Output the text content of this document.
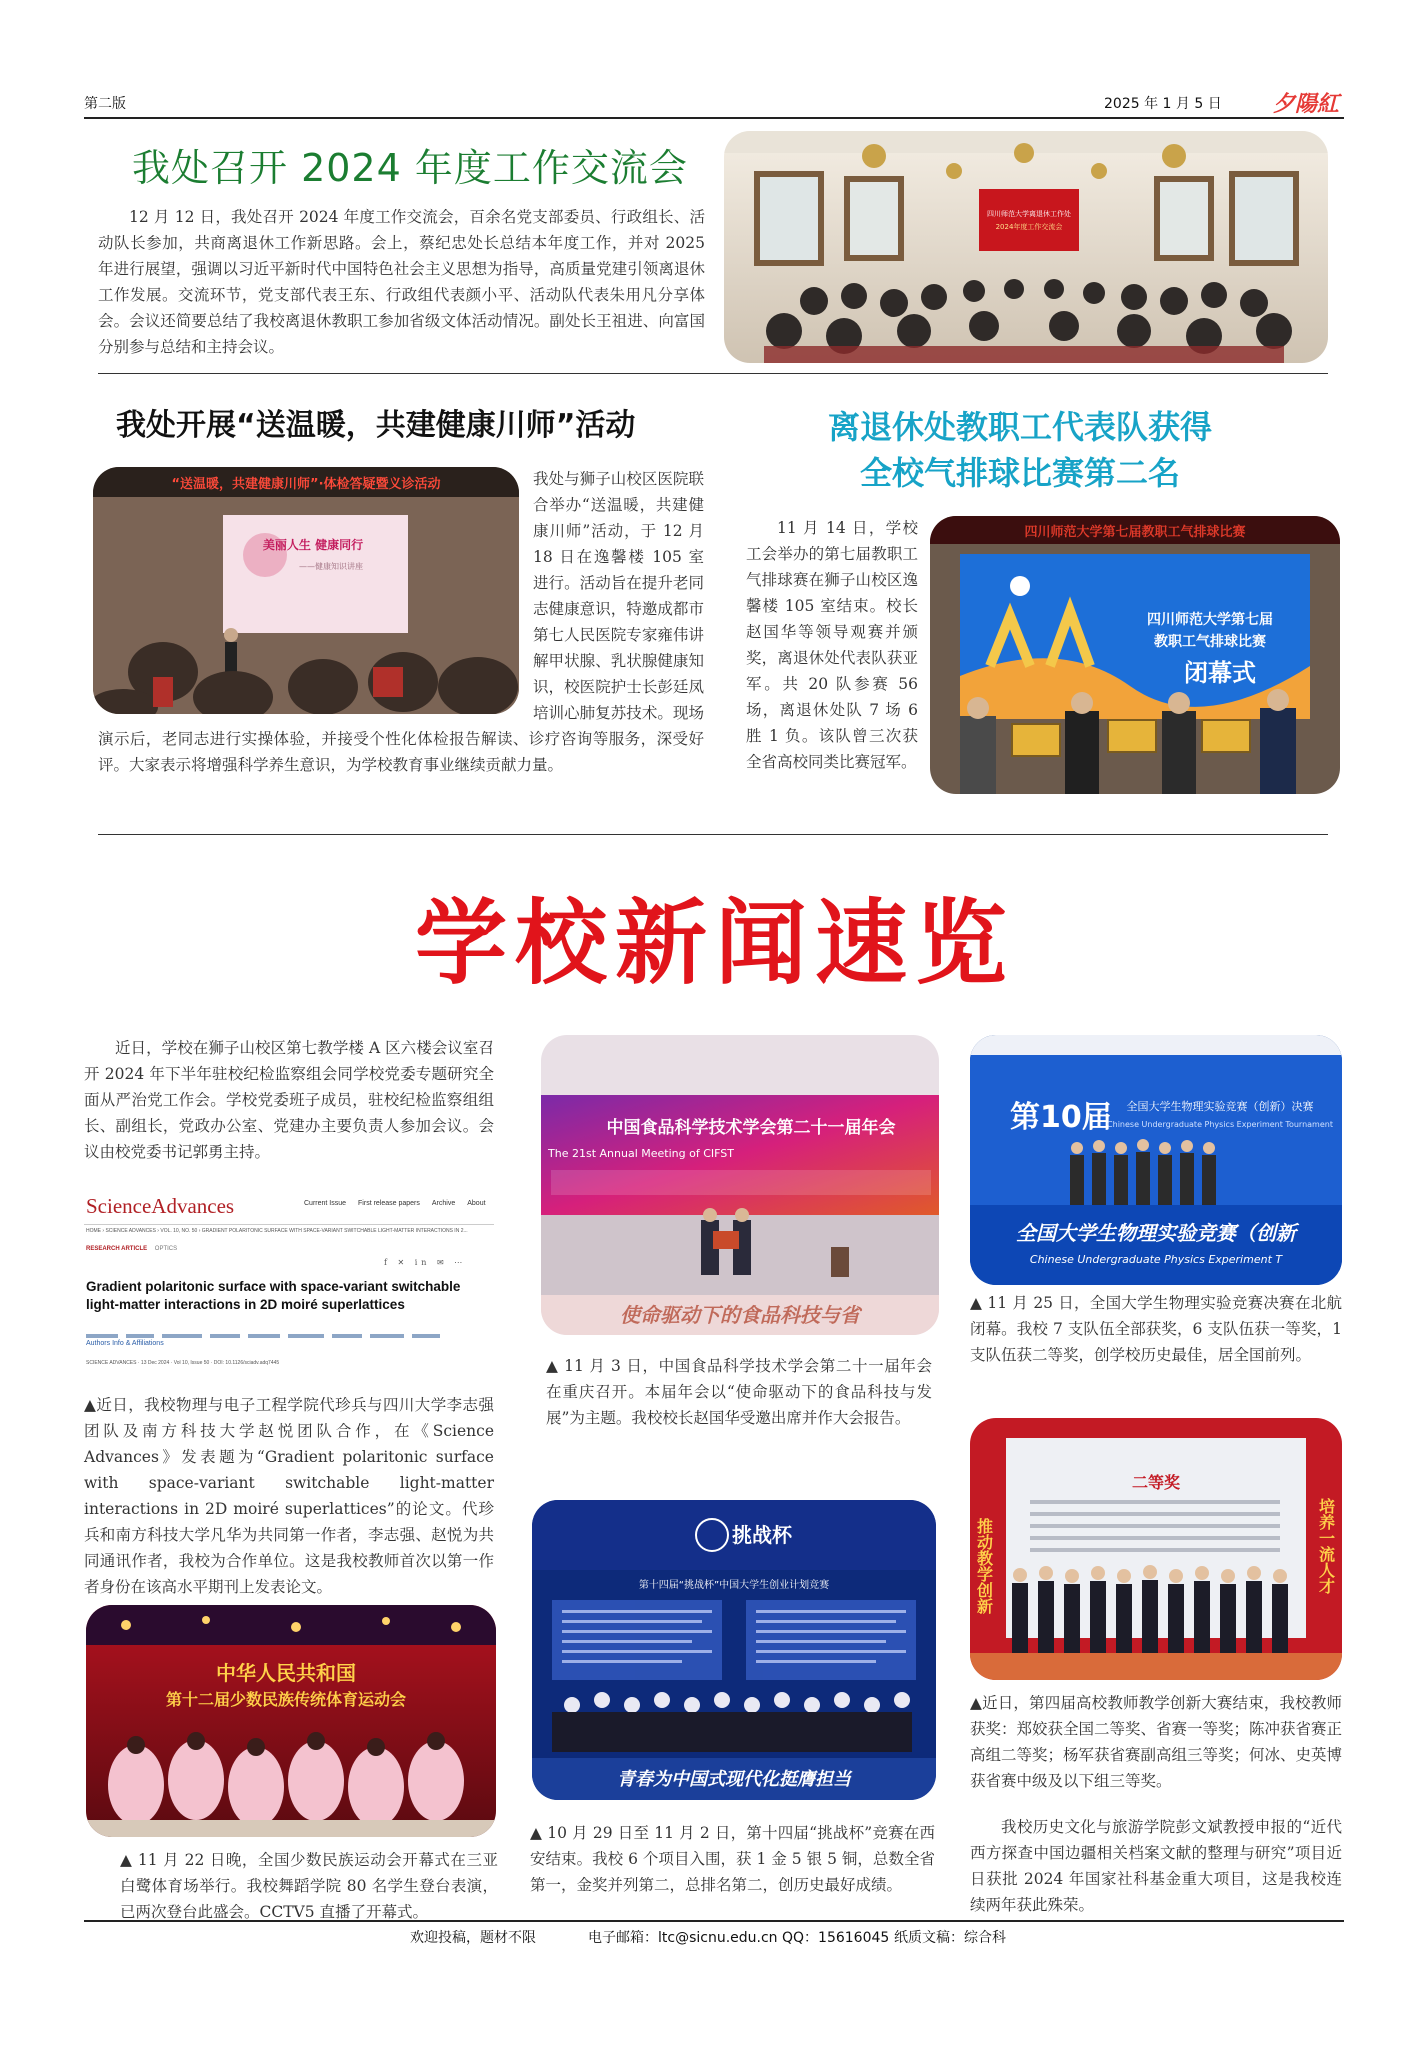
第二版	2025 年 1 月 5 日 夕陽紅
我处召开 2024 年度工作交流会
12 月 12 日，我处召开 2024 年度工作交流会，百余名党支部委员、行政组长、活动队长参加，共商离退休工作新思路。会上，蔡纪忠处长总结本年度工作，并对 2025 年进行展望，强调以习近平新时代中国特色社会主义思想为指导，高质量党建引领离退休工作发展。交流环节，党支部代表王东、行政组代表颜小平、活动队代表朱用凡分享体会。会议还简要总结了我校离退休教职工参加省级文体活动情况。副处长王祖进、向富国分别参与总结和主持会议。
四川师范大学离退休工作处
2024年度工作交流会
我处开展“送温暖，共建健康川师”活动
“送温暖，共建健康川师”·体检答疑暨义诊活动
美丽人生 健康同行
——健康知识讲座
我处与狮子山校区医院联合举办“送温暖，共建健康川师”活动，于 12 月 18 日在逸馨楼 105 室进行。活动旨在提升老同志健康意识，特邀成都市第七人民医院专家雍伟讲解甲状腺、乳状腺健康知识，校医院护士长彭廷凤培训心肺复苏技术。现场演示后，老同志进行实操体验，并接受个性化体检报告解读、诊疗咨询等服务，深受好评。大家表示将增强科学养生意识，为学校教育事业继续贡献力量。
离退休处教职工代表队获得
全校气排球比赛第二名
11 月 14 日，学校工会举办的第七届教职工气排球赛在狮子山校区逸馨楼 105 室结束。校长赵国华等领导观赛并颁奖，离退休处代表队获亚军。共 20 队参赛 56 场，离退休处队 7 场 6 胜 1 负。该队曾三次获全省高校同类比赛冠军。
四川师范大学第七届教职工气排球比赛
四川师范大学第七届
教职工气排球比赛
闭幕式
学校新闻速览
近日，学校在狮子山校区第七教学楼 A 区六楼会议室召开 2024 年下半年驻校纪检监察组会同学校党委专题研究全面从严治党工作会。学校党委班子成员，驻校纪检监察组组长、副组长，党政办公室、党建办主要负责人参加会议。会议由校党委书记郭勇主持。
ScienceAdvances	Current Issue First release papers Archive About
HOME › SCIENCE ADVANCES › VOL. 10, NO. 50 › GRADIENT POLARITONIC SURFACE WITH SPACE-VARIANT SWITCHABLE LIGHT-MATTER INTERACTIONS IN 2...
RESEARCH ARTICLE OPTICS
f ✕ in ✉ ⋯
Gradient polaritonic surface with space-variant switchable light-matter interactions in 2D moiré superlattices
Authors Info & Affiliations
SCIENCE ADVANCES · 13 Dec 2024 · Vol 10, Issue 50 · DOI: 10.1126/sciadv.adq7445
▲近日，我校物理与电子工程学院代珍兵与四川大学李志强团队及南方科技大学赵悦团队合作，在《Science Advances》发表题为“Gradient polaritonic surface with space-variant switchable light-matter interactions in 2D moiré superlattices”的论文。代珍兵和南方科技大学凡华为共同第一作者，李志强、赵悦为共同通讯作者，我校为合作单位。这是我校教师首次以第一作者身份在该高水平期刊上发表论文。
中华人民共和国
第十二届少数民族传统体育运动会
▲ 11 月 22 日晚，全国少数民族运动会开幕式在三亚白鹭体育场举行。我校舞蹈学院 80 名学生登台表演，已两次登台此盛会。CCTV5 直播了开幕式。
中国食品科学技术学会第二十一届年会
The 21st Annual Meeting of CIFST
使命驱动下的食品科技与省
▲ 11 月 3 日，中国食品科学技术学会第二十一届年会在重庆召开。本届年会以“使命驱动下的食品科技与发展”为主题。我校校长赵国华受邀出席并作大会报告。
挑战杯
第十四届“挑战杯”中国大学生创业计划竞赛
青春为中国式现代化挺膺担当
▲ 10 月 29 日至 11 月 2 日，第十四届“挑战杯”竞赛在西安结束。我校 6 个项目入围，获 1 金 5 银 5 铜，总数全省第一，金奖并列第二，总排名第二，创历史最好成绩。
第10届 全国大学生物理实验竞赛（创新）决赛
Chinese Undergraduate Physics Experiment Tournament
全国大学生物理实验竞赛（创新
Chinese Undergraduate Physics Experiment T
▲ 11 月 25 日，全国大学生物理实验竞赛决赛在北航闭幕。我校 7 支队伍全部获奖，6 支队伍获一等奖，1 支队伍获二等奖，创学校历史最佳，居全国前列。
二等奖
推动教学创新	培养一流人才
▲近日，第四届高校教师教学创新大赛结束，我校教师获奖：郑姣获全国二等奖、省赛一等奖；陈冲获省赛正高组二等奖；杨军获省赛副高组三等奖；何冰、史英博获省赛中级及以下组三等奖。
我校历史文化与旅游学院彭文斌教授申报的“近代西方探查中国边疆相关档案文献的整理与研究”项目近日获批 2024 年国家社科基金重大项目，这是我校连续两年获此殊荣。
欢迎投稿，题材不限	电子邮箱：ltc@sicnu.edu.cn QQ：15616045 纸质文稿：综合科
